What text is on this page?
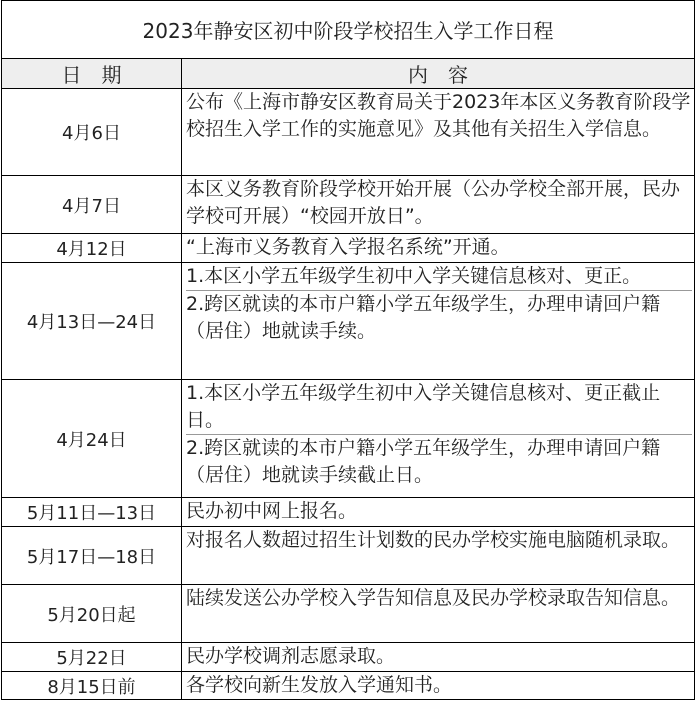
2023年静安区初中阶段学校招生入学工作日程	
日　期	内　容
4月6日	公布《上海市静安区教育局关于2023年本区义务教育阶段学校招生入学工作的实施意见》及其他有关招生入学信息。

4月7日	本区义务教育阶段学校开始开展（公办学校全部开展，民办学校可开展）“校园开放日”。

4月12日	“上海市义务教育入学报名系统”开通。

4月13日—24日	1.本区小学五年级学生初中入学关键信息核对、更正。
2.跨区就读的本市户籍小学五年级学生，办理申请回户籍（居住）地就读手续。

4月24日	1.本区小学五年级学生初中入学关键信息核对、更正截止日。
2.跨区就读的本市户籍小学五年级学生，办理申请回户籍（居住）地就读手续截止日。

5月11日—13日	民办初中网上报名。

5月17日—18日	对报名人数超过招生计划数的民办学校实施电脑随机录取。

5月20日起	陆续发送公办学校入学告知信息及民办学校录取告知信息。

5月22日	民办学校调剂志愿录取。

8月15日前	各学校向新生发放入学通知书。
